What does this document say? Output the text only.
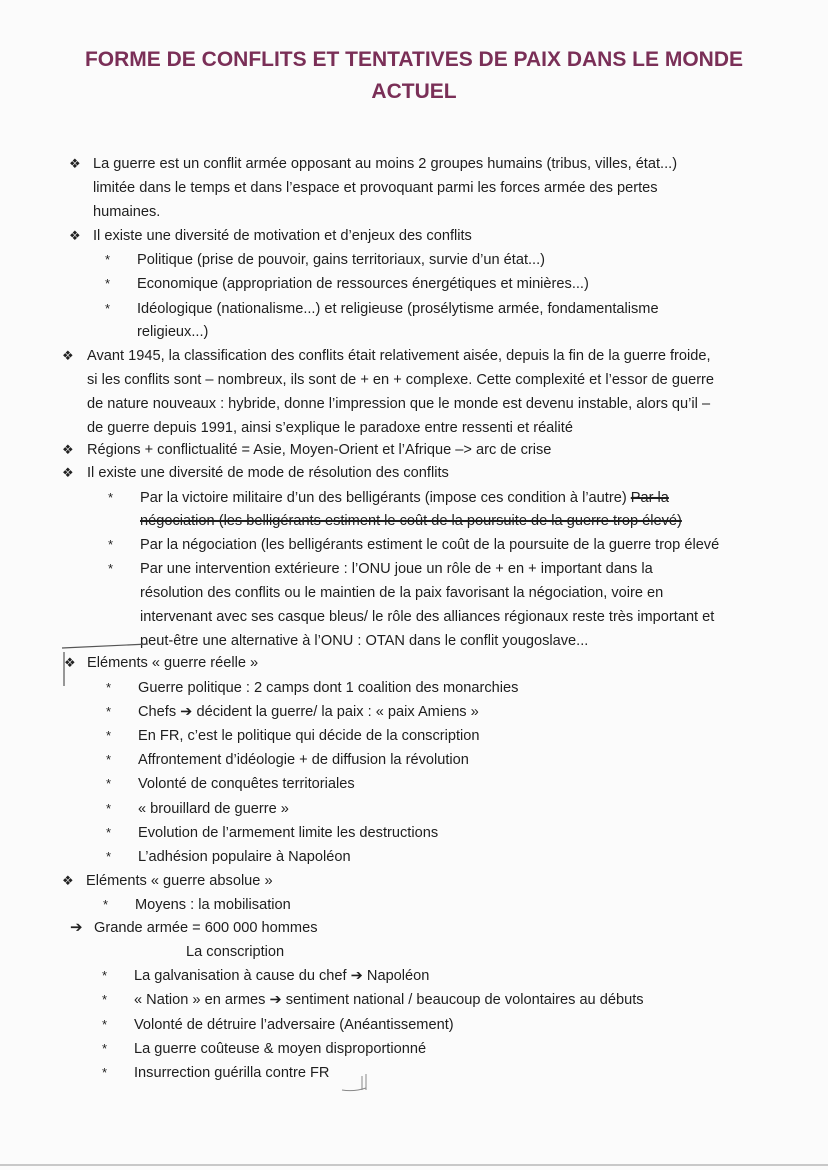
FORME DE CONFLITS ET TENTATIVES DE PAIX DANS LE MONDE ACTUEL
❖ La guerre est un conflit armée opposant au moins 2 groupes humains (tribus, villes, état...)
limitée dans le temps et dans l’espace et provoquant parmi les forces armée des pertes
humaines.
❖ Il existe une diversité de motivation et d’enjeux des conflits
* Politique (prise de pouvoir, gains territoriaux, survie d’un état...)
* Economique (appropriation de ressources énergétiques et minières...)
* Idéologique (nationalisme...) et religieuse (prosélytisme armée, fondamentalisme
religieux...)
❖ Avant 1945, la classification des conflits était relativement aisée, depuis la fin de la guerre froide,
si les conflits sont – nombreux, ils sont de + en + complexe. Cette complexité et l’essor de guerre
de nature nouveaux : hybride, donne l’impression que le monde est devenu instable, alors qu’il –
de guerre depuis 1991, ainsi s’explique le paradoxe entre ressenti et réalité
❖ Régions + conflictualité = Asie, Moyen-Orient et l’Afrique –> arc de crise
❖ Il existe une diversité de mode de résolution des conflits
* Par la victoire militaire d’un des belligérants (impose ces condition à l’autre) Par la
négociation (les belligérants estiment le coût de la poursuite de la guerre trop élevé)
* Par la négociation (les belligérants estiment le coût de la poursuite de la guerre trop élevé
* Par une intervention extérieure : l’ONU joue un rôle de + en + important dans la
résolution des conflits ou le maintien de la paix favorisant la négociation, voire en
intervenant avec ses casque bleus/ le rôle des alliances régionaux reste très important et
peut-être une alternative à l’ONU : OTAN dans le conflit yougoslave...
❖ Eléments « guerre réelle »
* Guerre politique : 2 camps dont 1 coalition des monarchies
* Chefs ➔ décident la guerre/ la paix : « paix Amiens »
* En FR, c’est le politique qui décide de la conscription
* Affrontement d’idéologie + de diffusion la révolution
* Volonté de conquêtes territoriales
* « brouillard de guerre »
* Evolution de l’armement limite les destructions
* L’adhésion populaire à Napoléon
❖ Eléments « guerre absolue »
* Moyens : la mobilisation
➔ Grande armée = 600 000 hommes
La conscription
* La galvanisation à cause du chef ➔ Napoléon
* « Nation » en armes ➔ sentiment national / beaucoup de volontaires au débuts
* Volonté de détruire l’adversaire (Anéantissement)
* La guerre coûteuse & moyen disproportionné
* Insurrection guérilla contre FR
